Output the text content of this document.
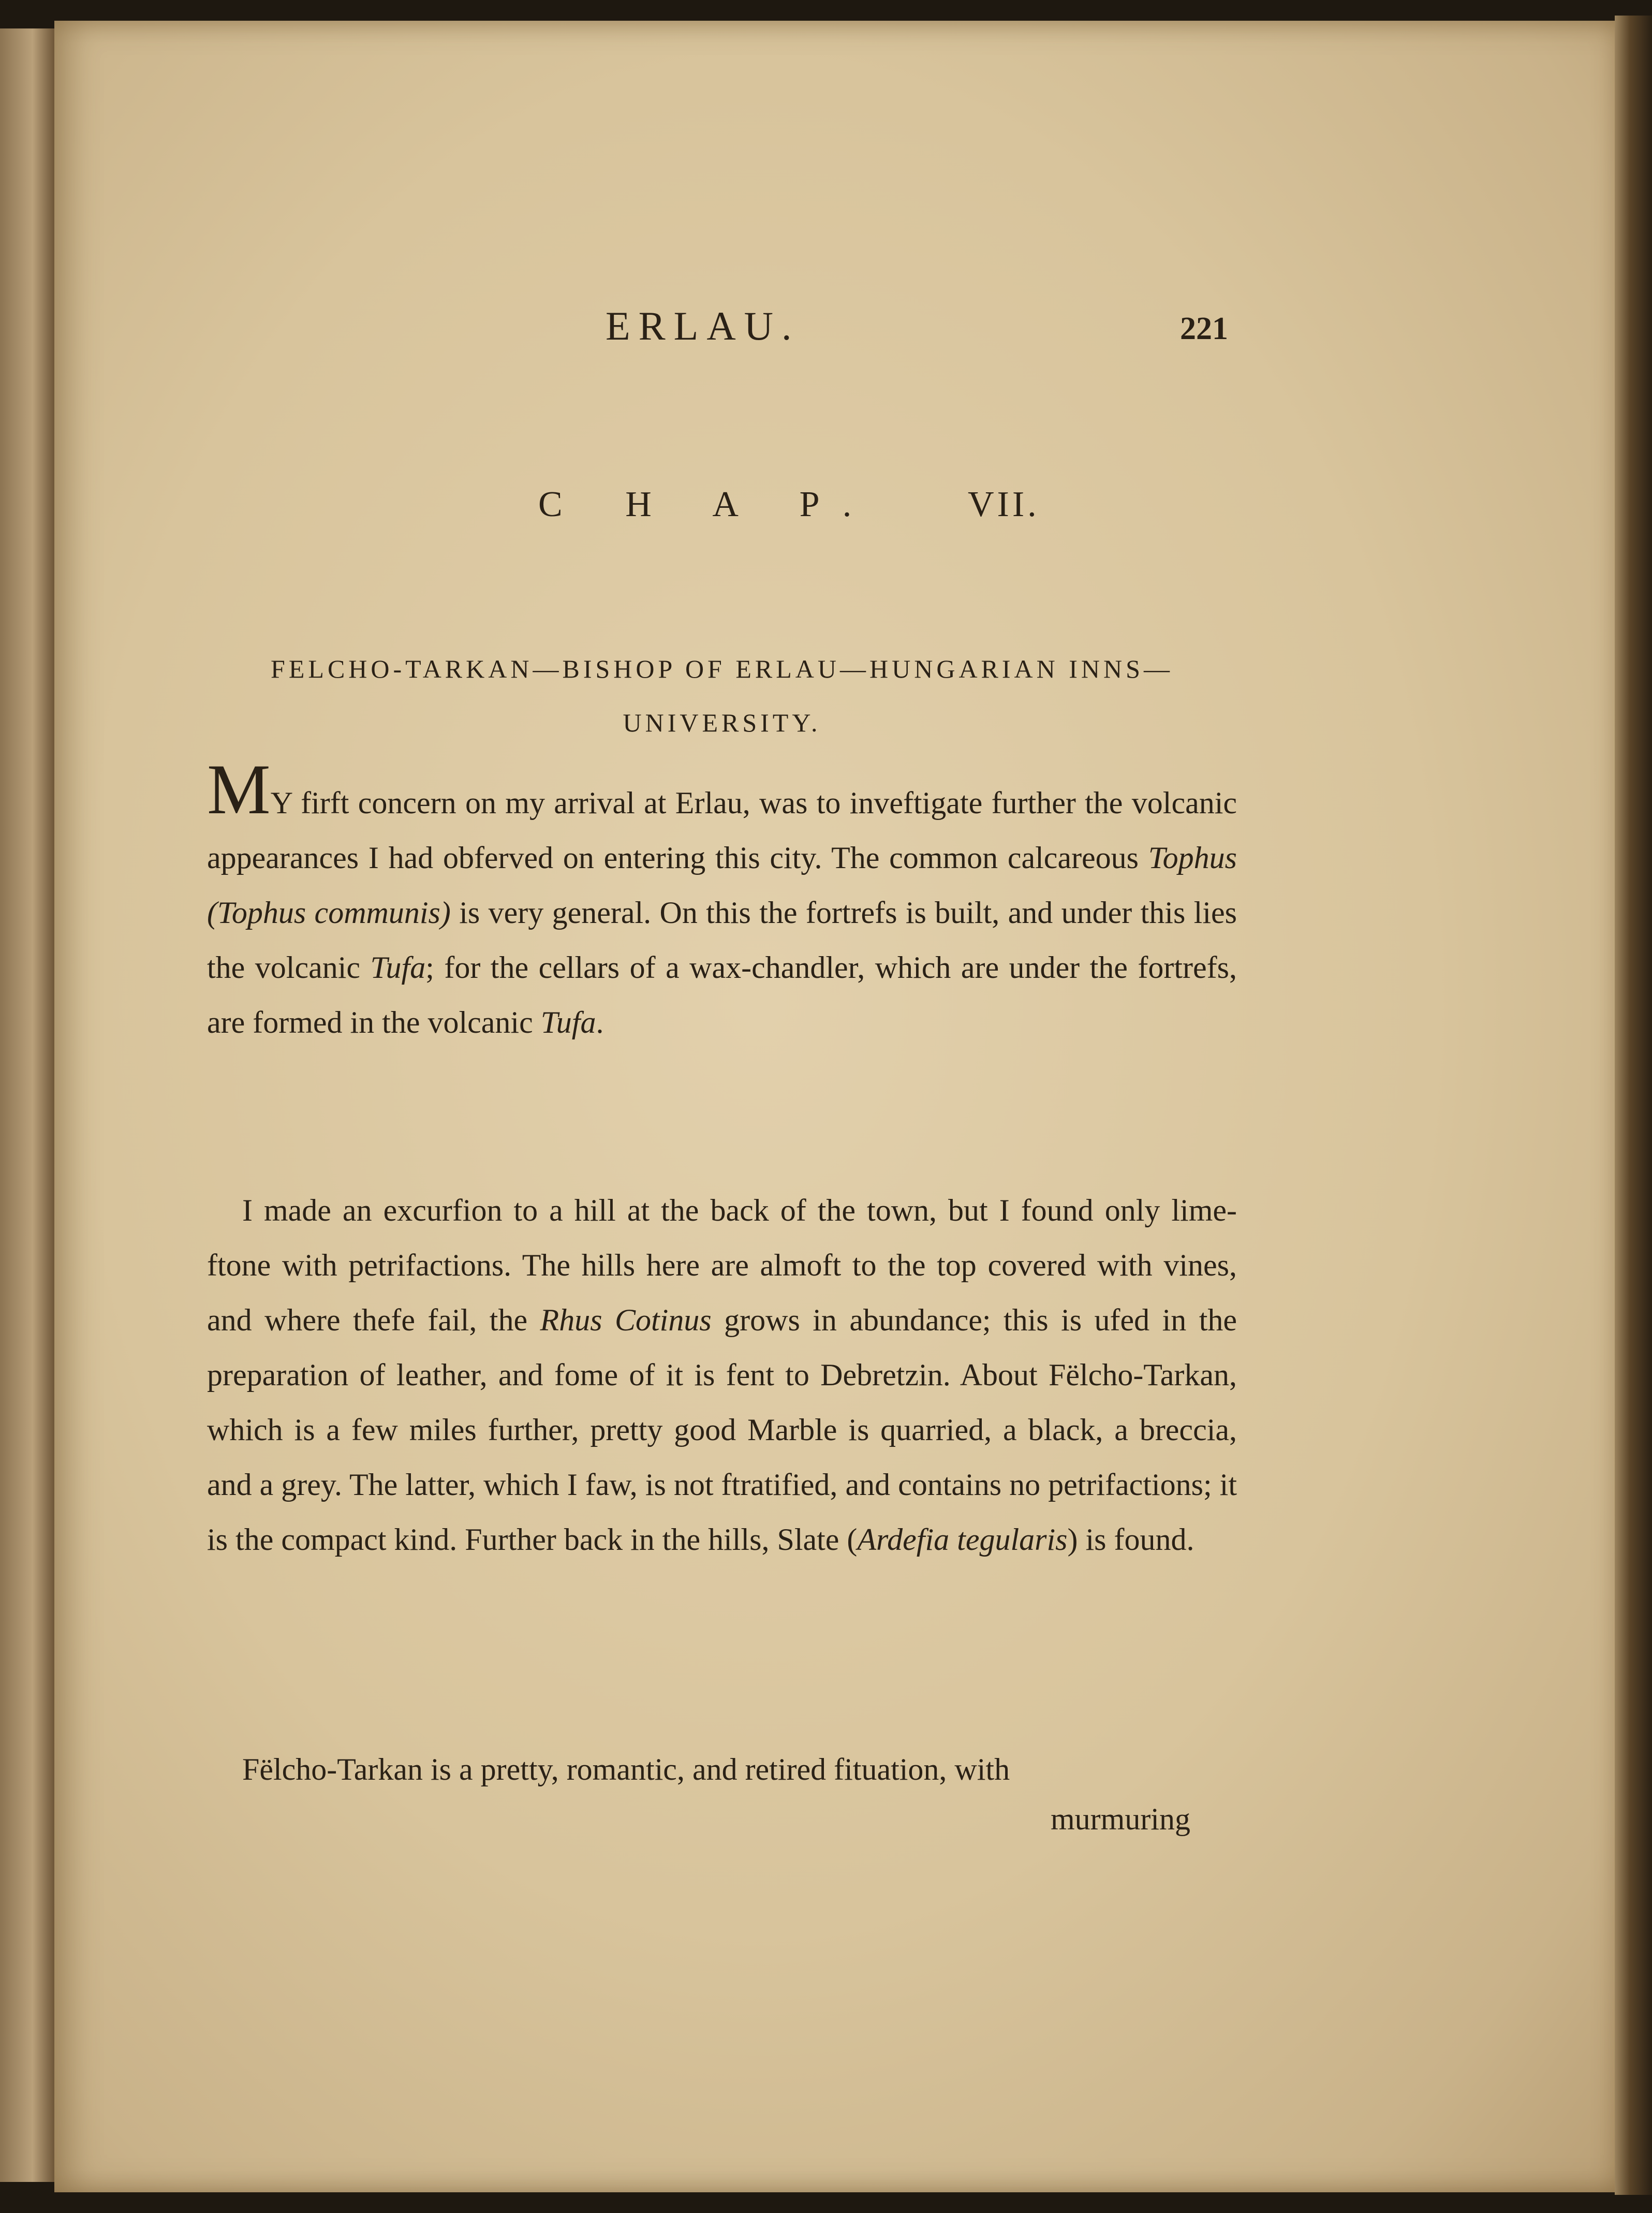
ERLAU.	221
C H A P. VII.
FELCHO-TARKAN—BISHOP OF ERLAU—HUNGARIAN INNS—UNIVERSITY.

MY firft concern on my arrival at Erlau, was to inveftigate further the volcanic appearances I had obferved on entering this city. The common calcareous Tophus (Tophus communis) is very general. On this the fortrefs is built, and under this lies the volcanic Tufa; for the cellars of a wax-chandler, which are under the fortrefs, are formed in the volcanic Tufa.

I made an excurfion to a hill at the back of the town, but I found only lime-ftone with petrifactions. The hills here are almoft to the top covered with vines, and where thefe fail, the Rhus Cotinus grows in abundance; this is ufed in the preparation of leather, and fome of it is fent to Debretzin. About Fëlcho-Tarkan, which is a few miles further, pretty good Marble is quarried, a black, a breccia, and a grey. The latter, which I faw, is not ftratified, and contains no petrifactions; it is the compact kind. Further back in the hills, Slate (Ardefia tegularis) is found.

Fëlcho-Tarkan is a pretty, romantic, and retired fituation, with

murmuring
